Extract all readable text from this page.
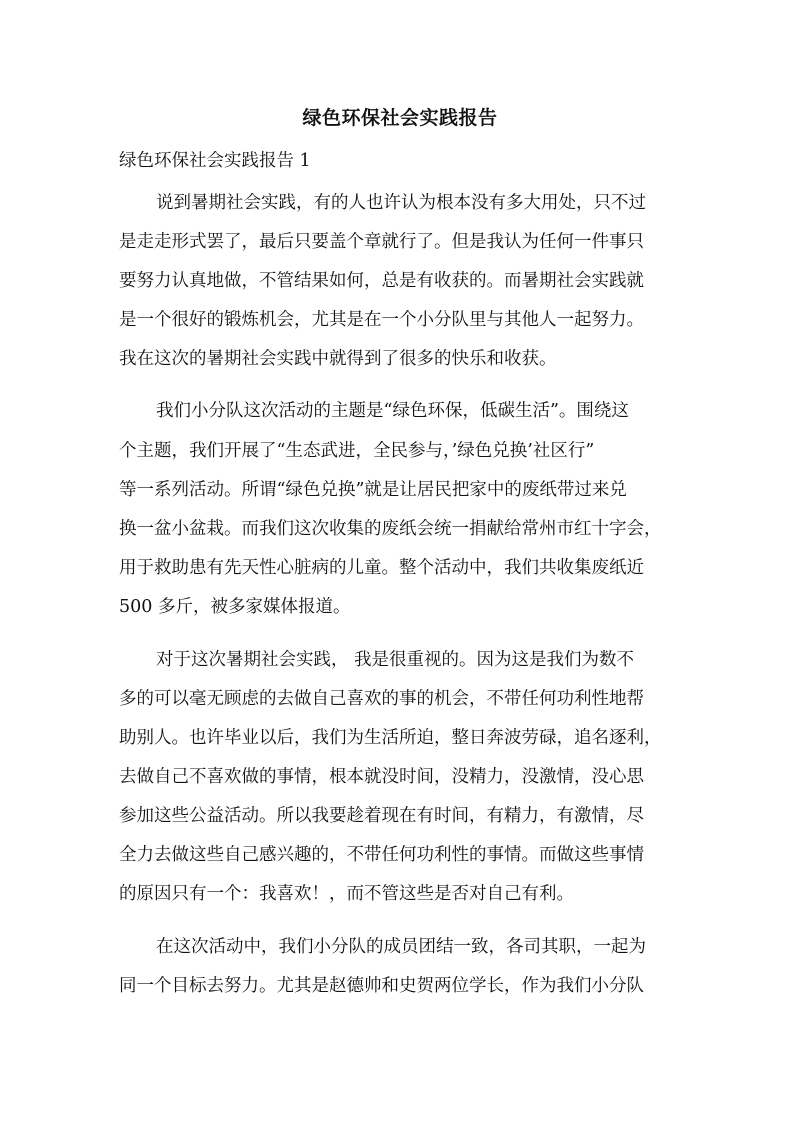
绿色环保社会实践报告
绿色环保社会实践报告 1
说到暑期社会实践，有的人也许认为根本没有多大用处，只不过
是走走形式罢了，最后只要盖个章就行了。但是我认为任何一件事只
要努力认真地做，不管结果如何，总是有收获的。而暑期社会实践就
是一个很好的锻炼机会，尤其是在一个小分队里与其他人一起努力。
我在这次的暑期社会实践中就得到了很多的快乐和收获。
我们小分队这次活动的主题是“绿色环保，低碳生活”。围绕这
个主题，我们开展了“生态武进，全民参与，’绿色兑换’社区行”
等一系列活动。所谓“绿色兑换”就是让居民把家中的废纸带过来兑
换一盆小盆栽。而我们这次收集的废纸会统一捐献给常州市红十字会，
用于救助患有先天性心脏病的儿童。整个活动中，我们共收集废纸近
500 多斤，被多家媒体报道。
对于这次暑期社会实践， 我是很重视的。因为这是我们为数不
多的可以毫无顾虑的去做自己喜欢的事的机会，不带任何功利性地帮
助别人。也许毕业以后，我们为生活所迫，整日奔波劳碌，追名逐利，
去做自己不喜欢做的事情，根本就没时间，没精力，没激情，没心思
参加这些公益活动。所以我要趁着现在有时间，有精力，有激情，尽
全力去做这些自己感兴趣的，不带任何功利性的事情。而做这些事情
的原因只有一个：我喜欢！，而不管这些是否对自己有利。
在这次活动中，我们小分队的成员团结一致，各司其职，一起为
同一个目标去努力。尤其是赵德帅和史贺两位学长，作为我们小分队
